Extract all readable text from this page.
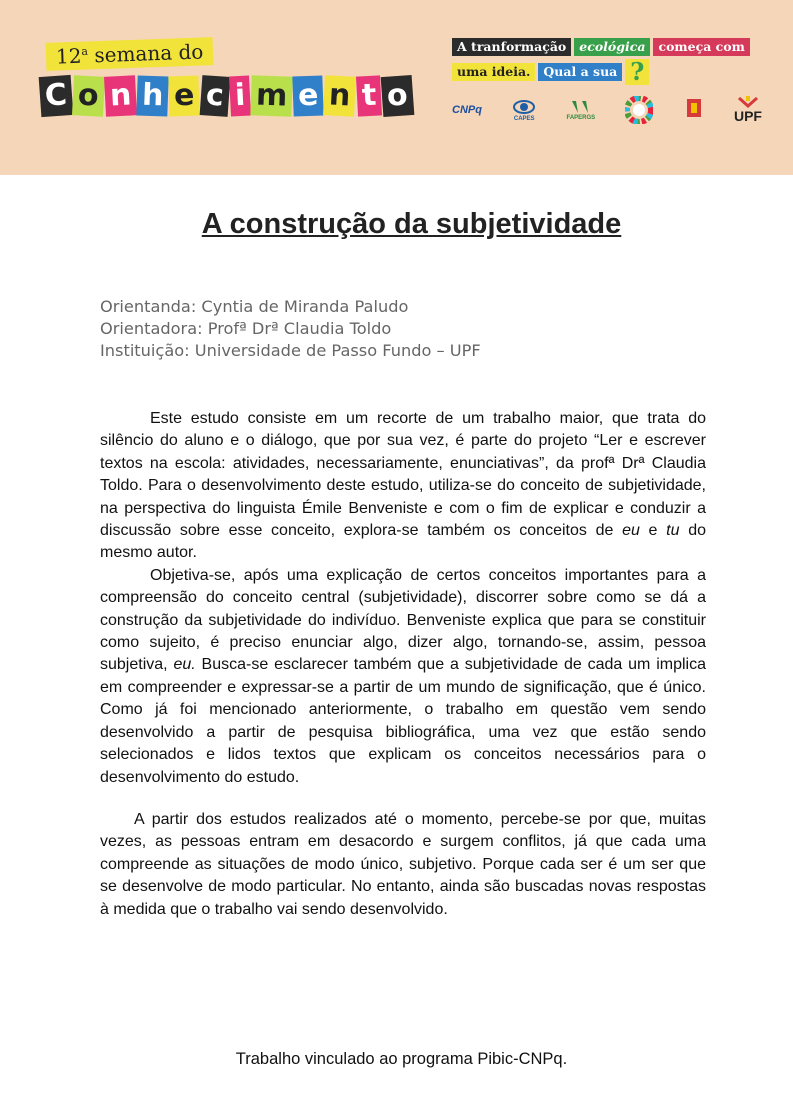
12$^a$ semana do
C o n h e c i m e n t o
A tranformação	ecológica	começa com
uma ideia.	Qual a sua ?
CNPq
CAPES	FAPERGS	UPF
A construção da subjetividade
Orientanda: Cyntia de Miranda Paludo
Orientadora: Profª Drª Claudia Toldo
Instituição: Universidade de Passo Fundo – UPF

Este estudo consiste em um recorte de um trabalho maior, que trata do silêncio do aluno e o diálogo, que por sua vez, é parte do projeto “Ler e escrever textos na escola: atividades, necessariamente, enunciativas”, da profª Drª Claudia Toldo. Para o desenvolvimento deste estudo, utiliza-se do conceito de subjetividade, na perspectiva do linguista Émile Benveniste e com o fim de explicar e conduzir a discussão sobre esse conceito, explora-se também os conceitos de eu e tu do mesmo autor.

Objetiva-se, após uma explicação de certos conceitos importantes para a compreensão do conceito central (subjetividade), discorrer sobre como se dá a construção da subjetividade do indivíduo. Benveniste explica que para se constituir como sujeito, é preciso enunciar algo, dizer algo, tornando-se, assim, pessoa subjetiva, eu. Busca-se esclarecer também que a subjetividade de cada um implica em compreender e expressar-se a partir de um mundo de significação, que é único. Como já foi mencionado anteriormente, o trabalho em questão vem sendo desenvolvido a partir de pesquisa bibliográfica, uma vez que estão sendo selecionados e lidos textos que explicam os conceitos necessários para o desenvolvimento do estudo.

A partir dos estudos realizados até o momento, percebe-se por que, muitas vezes, as pessoas entram em desacordo e surgem conflitos, já que cada uma compreende as situações de modo único, subjetivo. Porque cada ser é um ser que se desenvolve de modo particular. No entanto, ainda são buscadas novas respostas à medida que o trabalho vai sendo desenvolvido.

Trabalho vinculado ao programa Pibic-CNPq.
